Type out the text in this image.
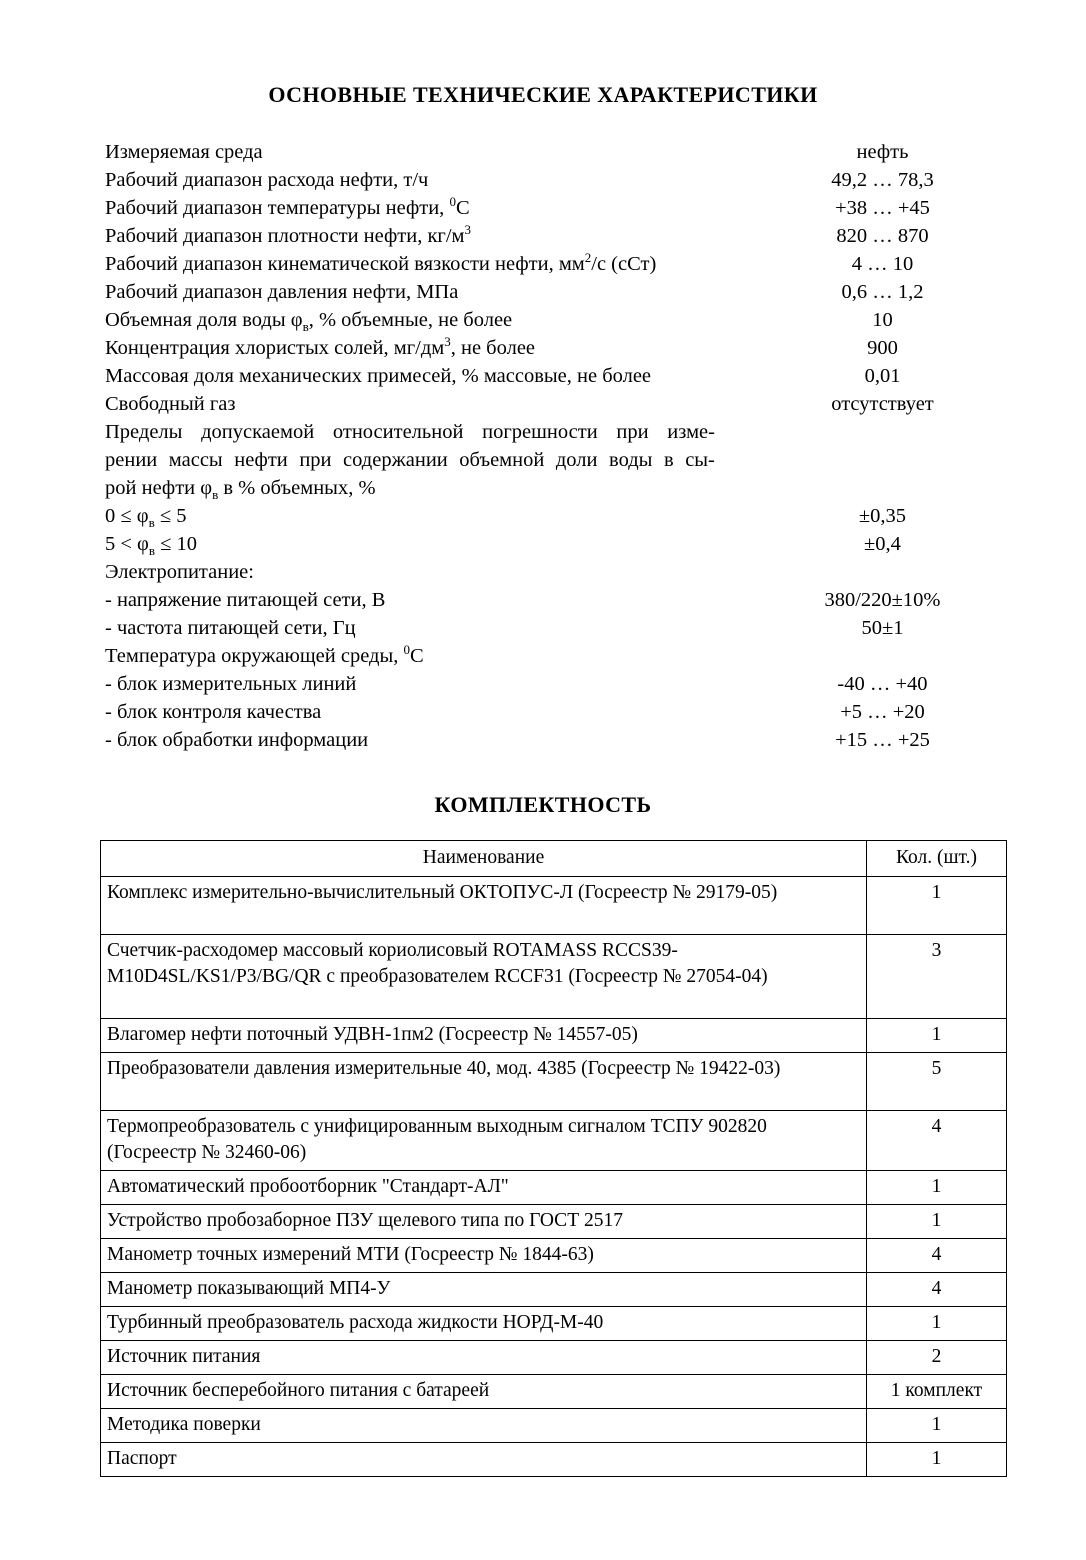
ОСНОВНЫЕ ТЕХНИЧЕСКИЕ ХАРАКТЕРИСТИКИ
Измеряемая среда	нефть
Рабочий диапазон расхода нефти, т/ч	49,2 … 78,3
Рабочий диапазон температуры нефти, $^0$С	+38 … +45
Рабочий диапазон плотности нефти, $кг/м^3$	820 … 870
Рабочий диапазон кинематической вязкости нефти, $мм^2/с$ (сСт)	4 … 10
Рабочий диапазон давления нефти, МПа	0,6 … 1,2
Объемная доля воды $\varphi_в$, % объемные, не более	10
Концентрация хлористых солей, $мг/дм^3$, не более	900
Массовая доля механических примесей, % массовые, не более	0,01
Свободный газ	отсутствует
Пределы допускаемой относительной погрешности при изме-
рении массы нефти при содержании объемной доли воды в сы-
рой нефти $\varphi_в$ в % объемных, %
$0 \le \varphi_в \le 5$	±0,35
$5 < \varphi_в \le 10$	±0,4
Электропитание:
- напряжение питающей сети, В	380/220±10%
- частота питающей сети, Гц	50±1
Температура окружающей среды, $^0$С
- блок измерительных линий	-40 … +40
- блок контроля качества	+5 … +20
- блок обработки информации	+15 … +25
КОМПЛЕКТНОСТЬ
Наименование	Кол. (шт.)
Комплекс измерительно-вычислительный ОКТОПУС-Л (Госреестр № 29179-05)	1
Счетчик-расходомер массовый кориолисовый ROTAMASS RCCS39-M10D4SL/KS1/P3/BG/QR с преобразователем RCCF31 (Госреестр № 27054-04)	3
Влагомер нефти поточный УДВН-1пм2 (Госреестр № 14557-05)	1
Преобразователи давления измерительные 40, мод. 4385 (Госреестр № 19422-03)	5
Термопреобразователь с унифицированным выходным сигналом ТСПУ 902820 (Госреестр № 32460-06)	4
Автоматический пробоотборник "Стандарт-АЛ"	1
Устройство пробозаборное ПЗУ щелевого типа по ГОСТ 2517	1
Манометр точных измерений МТИ (Госреестр № 1844-63)	4
Манометр показывающий МП4-У	4
Турбинный преобразователь расхода жидкости НОРД-М-40	1
Источник питания	2
Источник бесперебойного питания с батареей	1 комплект
Методика поверки	1
Паспорт	1
